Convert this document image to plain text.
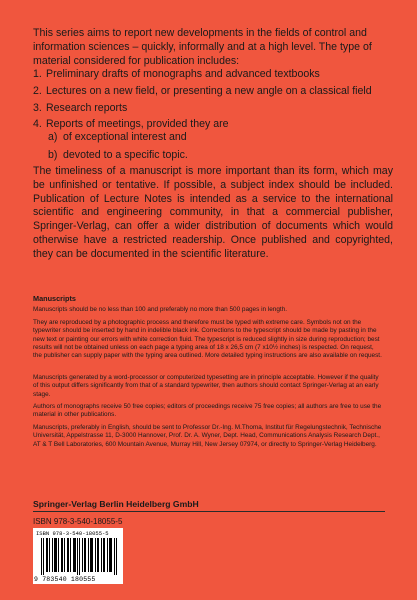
This series aims to report new developments in the fields of control and information sciences – quickly, informally and at a high level. The type of material considered for publication includes:

1. Preliminary drafts of monographs and advanced textbooks
2. Lectures on a new field, or presenting a new angle on a classical field
3. Research reports
4. Reports of meetings, provided they are
a) of exceptional interest and
b) devoted to a specific topic.

The timeliness of a manuscript is more important than its form, which may be unfinished or tentative. If possible, a subject index should be included. Publication of Lecture Notes is intended as a service to the international scientific and engineering community, in that a commercial publisher, Springer-Verlag, can offer a wider distribution of documents which would otherwise have a restricted readership. Once published and copyrighted, they can be documented in the scientific literature.

Manuscripts

Manuscripts should be no less than 100 and preferably no more than 500 pages in length.

They are reproduced by a photographic process and therefore must be typed with extreme care. Symbols not on the typewriter should be inserted by hand in indelible black ink. Corrections to the typescript should be made by pasting in the new text or painting our errors with white correction fluid. The typescript is reduced slightly in size during reproduction; best results will not be obtained unless on each page a typing area of 18 x 26,5 cm (7 x10½ inches) is respected. On request, the publisher can supply paper with the typing area outlined. More detailed typing instructions are also available on request.

Manuscripts generated by a word-processor or computerized typesetting are in principle acceptable. However if the quality of this output differs significantly from that of a standard typewriter, then authors should contact Springer-Verlag at an early stage.

Authors of monographs receive 50 free copies; editors of proceedings receive 75 free copies; all authors are free to use the material in other publications.

Manuscripts, preferably in English, should be sent to Professor Dr.-Ing. M.Thoma, Institut für Regelungstechnik, Technische Universität, Appelstrasse 11, D-3000 Hannover, Prof. Dr. A. Wyner, Dept. Head, Communications Analysis Research Dept., AT & T Bell Laboratories, 600 Mountain Avenue, Murray Hill, New Jersey 07974, or directly to Springer-Verlag Heidelberg.

Springer-Verlag Berlin Heidelberg GmbH

ISBN 978-3-540-18055-5

ISBN 978-3-540-18055-5
9 783540 180555
